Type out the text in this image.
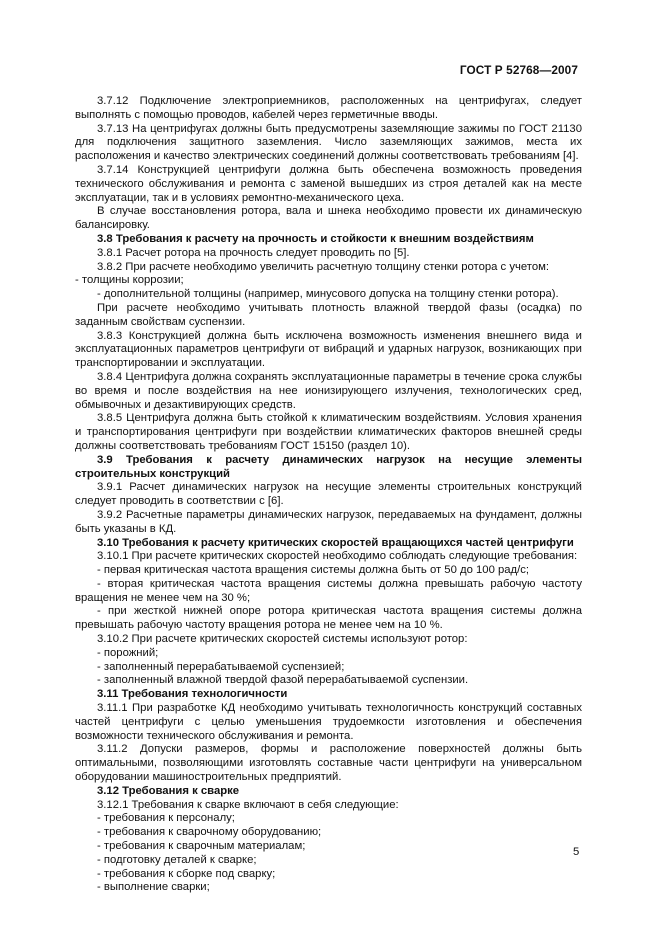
ГОСТ Р 52768—2007

3.7.12 Подключение электроприемников, расположенных на центрифугах, следует выполнять с помощью проводов, кабелей через герметичные вводы.

3.7.13 На центрифугах должны быть предусмотрены заземляющие зажимы по ГОСТ 21130 для подключения защитного заземления. Число заземляющих зажимов, места их расположения и качество электрических соединений должны соответствовать требованиям [4].

3.7.14 Конструкцией центрифуги должна быть обеспечена возможность проведения технического обслуживания и ремонта с заменой вышедших из строя деталей как на месте эксплуатации, так и в условиях ремонтно-механического цеха.

В случае восстановления ротора, вала и шнека необходимо провести их динамическую балансировку.

3.8 Требования к расчету на прочность и стойкости к внешним воздействиям

3.8.1 Расчет ротора на прочность следует проводить по [5].

3.8.2 При расчете необходимо увеличить расчетную толщину стенки ротора с учетом:

- толщины коррозии;

- дополнительной толщины (например, минусового допуска на толщину стенки ротора).

При расчете необходимо учитывать плотность влажной твердой фазы (осадка) по заданным свойствам суспензии.

3.8.3 Конструкцией должна быть исключена возможность изменения внешнего вида и эксплуатационных параметров центрифуги от вибраций и ударных нагрузок, возникающих при транспортировании и эксплуатации.

3.8.4 Центрифуга должна сохранять эксплуатационные параметры в течение срока службы во время и после воздействия на нее ионизирующего излучения, технологических сред, обмывочных и дезактивирующих средств.

3.8.5 Центрифуга должна быть стойкой к климатическим воздействиям. Условия хранения и транспортирования центрифуги при воздействии климатических факторов внешней среды должны соответствовать требованиям ГОСТ 15150 (раздел 10).

3.9 Требования к расчету динамических нагрузок на несущие элементы строительных конструкций

3.9.1 Расчет динамических нагрузок на несущие элементы строительных конструкций следует проводить в соответствии с [6].

3.9.2 Расчетные параметры динамических нагрузок, передаваемых на фундамент, должны быть указаны в КД.

3.10 Требования к расчету критических скоростей вращающихся частей центрифуги

3.10.1 При расчете критических скоростей необходимо соблюдать следующие требования:

- первая критическая частота вращения системы должна быть от 50 до 100 рад/с;

- вторая критическая частота вращения системы должна превышать рабочую частоту вращения не менее чем на 30 %;

- при жесткой нижней опоре ротора критическая частота вращения системы должна превышать рабочую частоту вращения ротора не менее чем на 10 %.

3.10.2 При расчете критических скоростей системы используют ротор:

- порожний;

- заполненный перерабатываемой суспензией;

- заполненный влажной твердой фазой перерабатываемой суспензии.

3.11 Требования технологичности

3.11.1 При разработке КД необходимо учитывать технологичность конструкций составных частей центрифуги с целью уменьшения трудоемкости изготовления и обеспечения возможности технического обслуживания и ремонта.

3.11.2 Допуски размеров, формы и расположение поверхностей должны быть оптимальными, позволяющими изготовлять составные части центрифуги на универсальном оборудовании машиностроительных предприятий.

3.12 Требования к сварке

3.12.1 Требования к сварке включают в себя следующие:

- требования к персоналу;

- требования к сварочному оборудованию;

- требования к сварочным материалам;

- подготовку деталей к сварке;

- требования к сборке под сварку;

- выполнение сварки;

5
